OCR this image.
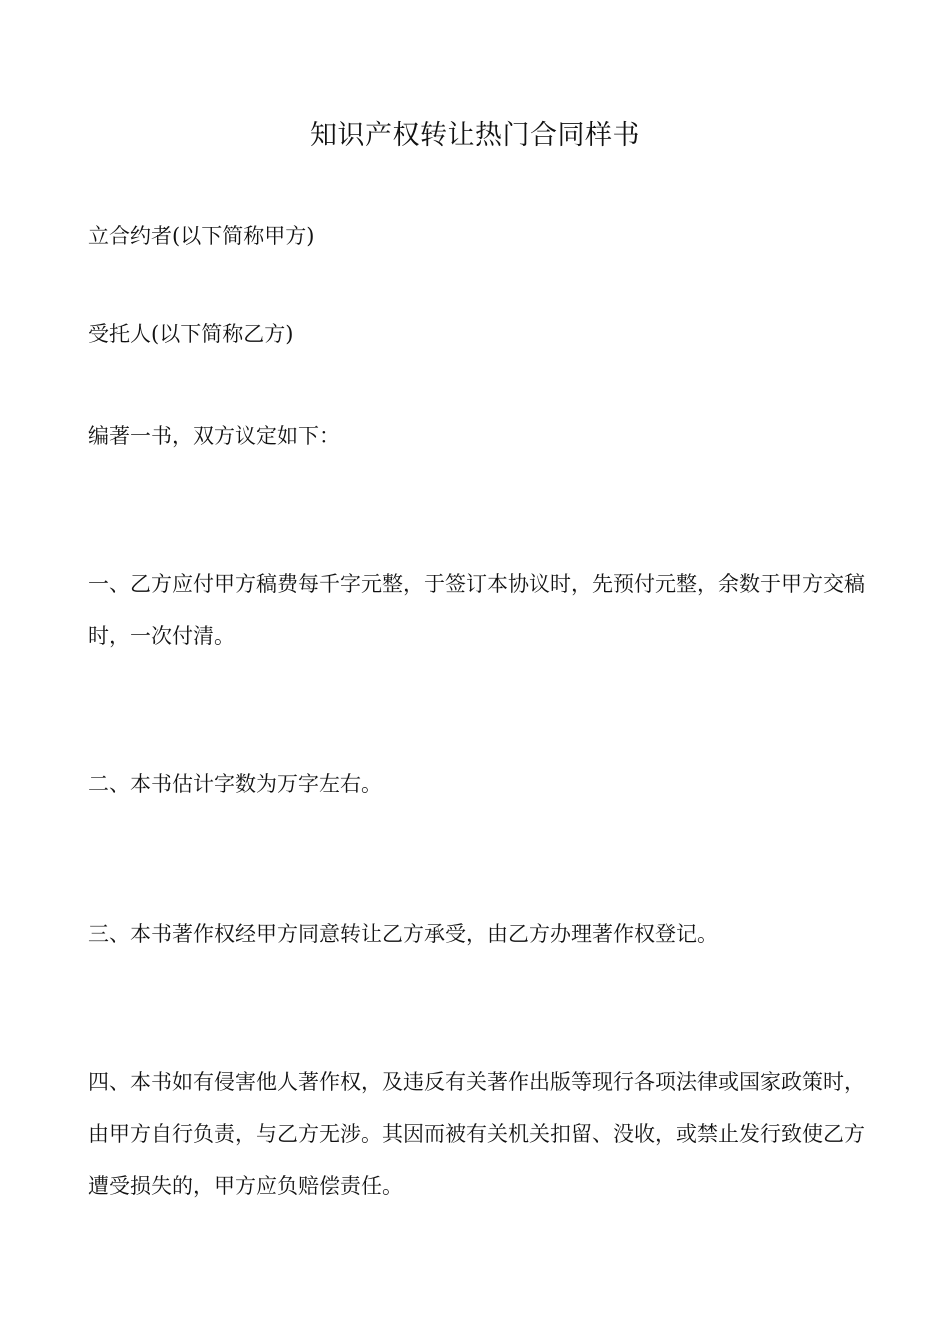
知识产权转让热门合同样书

立合约者(以下简称甲方)

受托人(以下简称乙方)

编著一书，双方议定如下：

一、乙方应付甲方稿费每千字元整，于签订本协议时，先预付元整，余数于甲方交稿时，一次付清。

二、本书估计字数为万字左右。

三、本书著作权经甲方同意转让乙方承受，由乙方办理著作权登记。

四、本书如有侵害他人著作权，及违反有关著作出版等现行各项法律或国家政策时，由甲方自行负责，与乙方无涉。其因而被有关机关扣留、没收，或禁止发行致使乙方遭受损失的，甲方应负赔偿责任。
